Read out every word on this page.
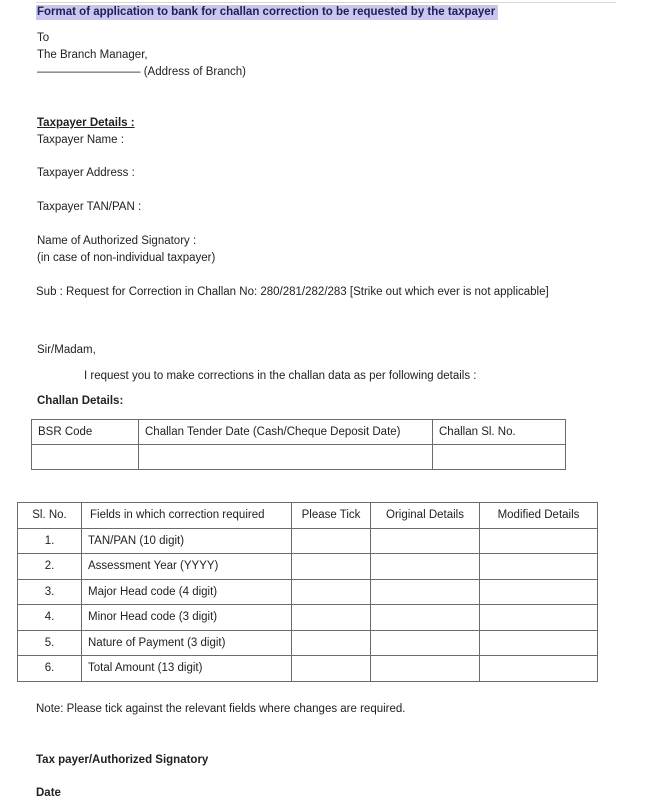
Format of application to bank for challan correction to be requested by the taxpayer
To
The Branch Manager,
————————— (Address of Branch)
Taxpayer Details :
Taxpayer Name :
Taxpayer Address :
Taxpayer TAN/PAN :
Name of Authorized Signatory :
(in case of non-individual taxpayer)
Sub : Request for Correction in Challan No: 280/281/282/283 [Strike out which ever is not applicable]
Sir/Madam,
I request you to make corrections in the challan data as per following details :
Challan Details:
BSR Code	Challan Tender Date (Cash/Cheque Deposit Date)	Challan Sl. No.

Sl. No.	Fields in which correction required	Please Tick	Original Details	Modified Details
1.	TAN/PAN (10 digit)			
2.	Assessment Year (YYYY)			
3.	Major Head code (4 digit)			
4.	Minor Head code (3 digit)			
5.	Nature of Payment (3 digit)			
6.	Total Amount (13 digit)			
Note: Please tick against the relevant fields where changes are required.
Tax payer/Authorized Signatory
Date
